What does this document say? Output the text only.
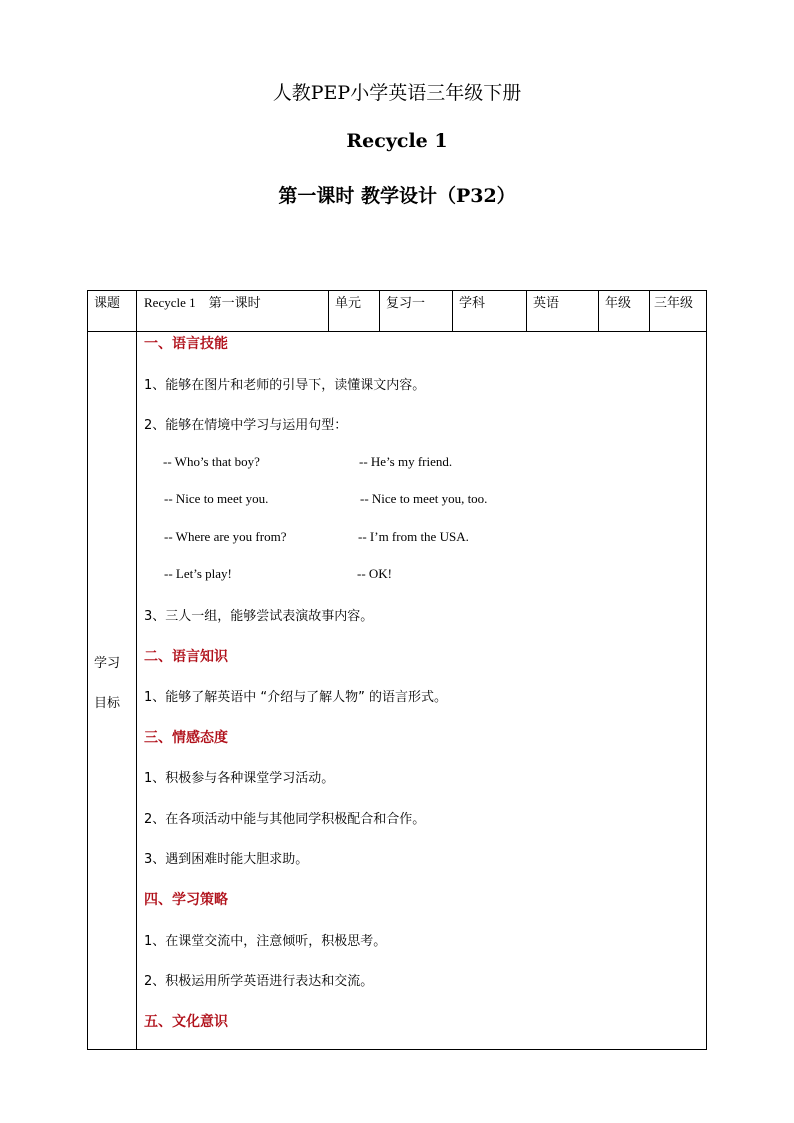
人教PEP小学英语三年级下册
Recycle 1
第一课时 教学设计（P32）
课题 Recycle 1    第一课时	单元 复习一	学科	英语	年级 三年级
学习
目标
一、语言技能
1、能够在图片和老师的引导下，读懂课文内容。
2、能够在情境中学习与运用句型：
-- Who’s that boy?	-- He’s my friend.
-- Nice to meet you.	-- Nice to meet you, too.
-- Where are you from?	-- I’m from the USA.
-- Let’s play!	-- OK!
3、三人一组，能够尝试表演故事内容。
二、语言知识
1、能够了解英语中 “介绍与了解人物” 的语言形式。
三、情感态度
1、积极参与各种课堂学习活动。
2、在各项活动中能与其他同学积极配合和合作。
3、遇到困难时能大胆求助。
四、学习策略
1、在课堂交流中，注意倾听，积极思考。
2、积极运用所学英语进行表达和交流。
五、文化意识
